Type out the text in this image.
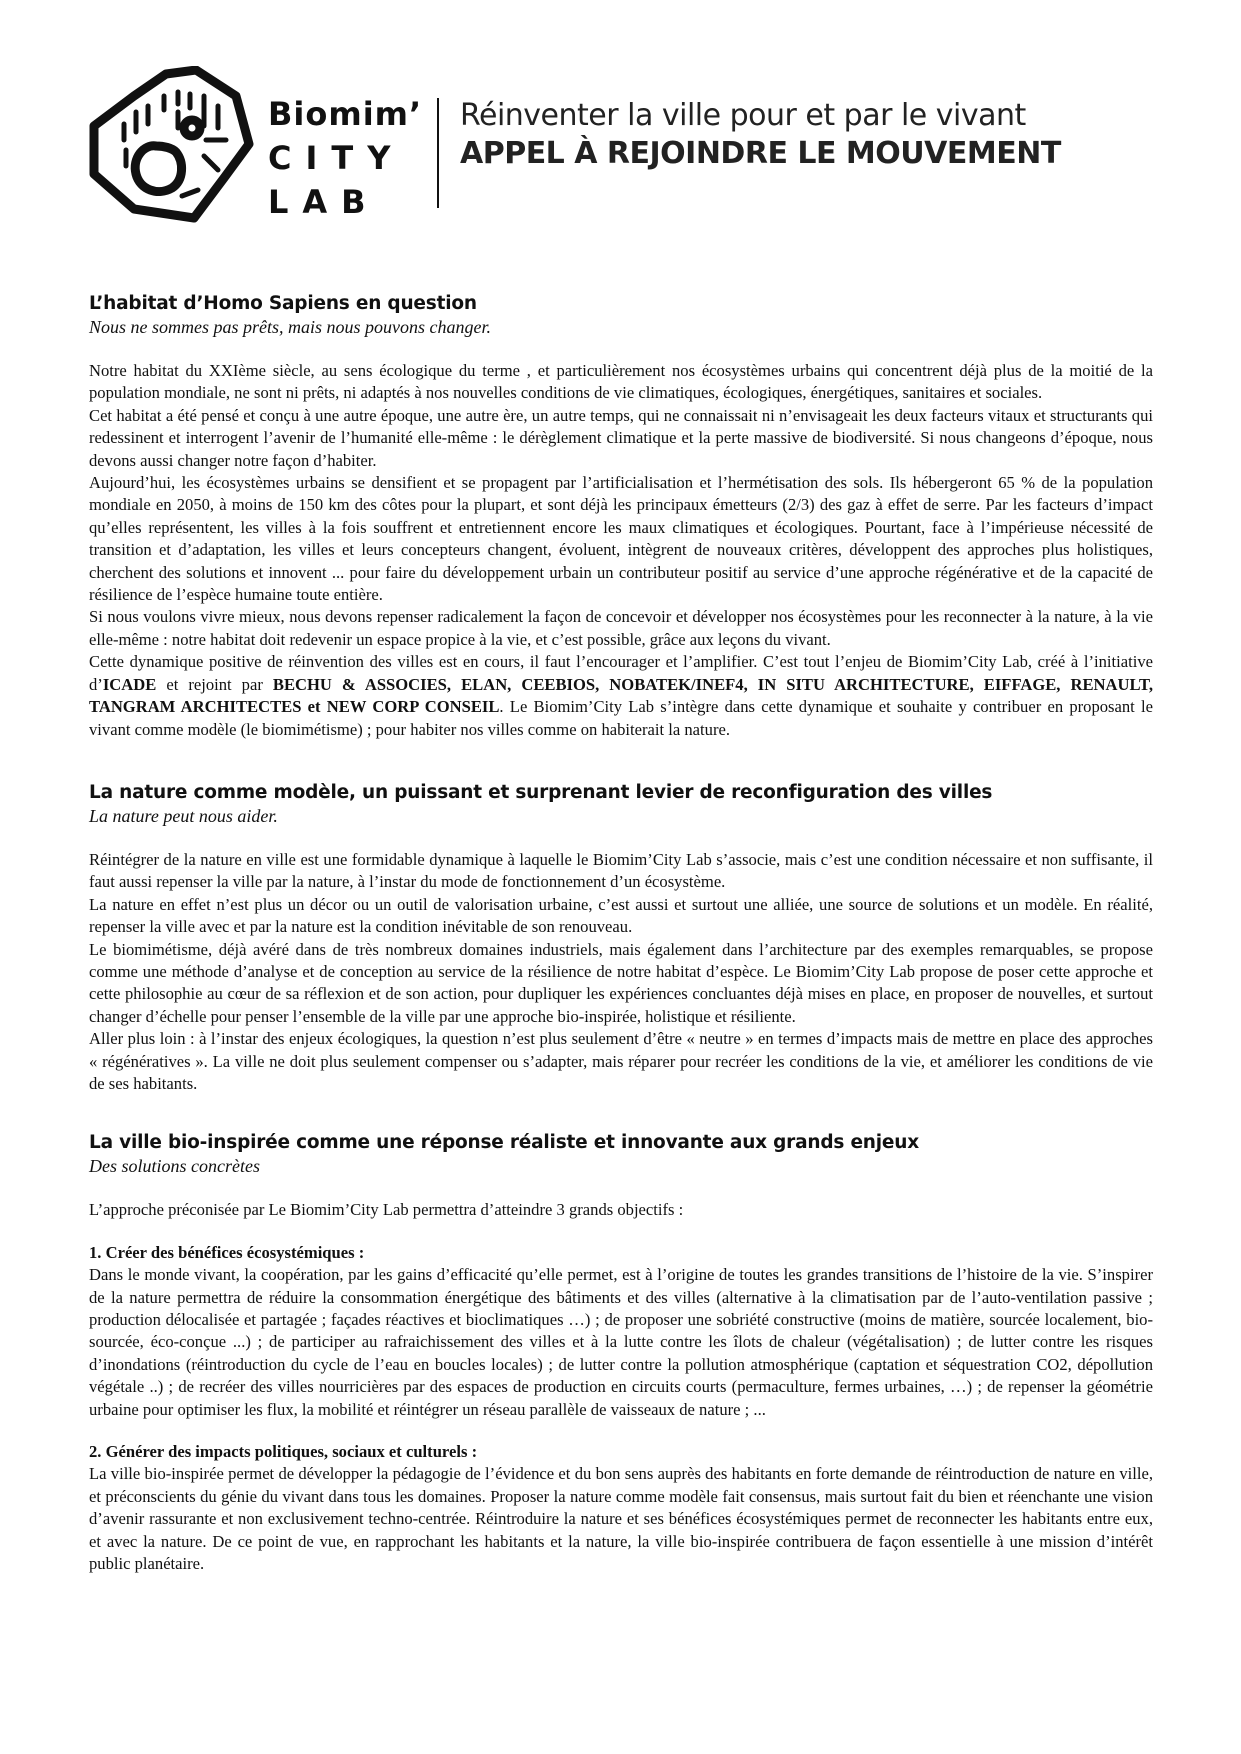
Biomim’
CITY
LAB
Réinventer la ville pour et par le vivant
APPEL À REJOINDRE LE MOUVEMENT
L’habitat d’Homo Sapiens en question

Nous ne sommes pas prêts, mais nous pouvons changer.

Notre habitat du XXIème siècle, au sens écologique du terme , et particulièrement nos écosystèmes urbains qui concentrent déjà plus de la moitié de la population mondiale, ne sont ni prêts, ni adaptés à nos nouvelles conditions de vie climatiques, écologiques, énergétiques, sanitaires et sociales.

Cet habitat a été pensé et conçu à une autre époque, une autre ère, un autre temps, qui ne connaissait ni n’envisageait les deux facteurs vitaux et structurants qui redessinent et interrogent l’avenir de l’humanité elle-même : le dérèglement climatique et la perte massive de biodiversité. Si nous changeons d’époque, nous devons aussi changer notre façon d’habiter.

Aujourd’hui, les écosystèmes urbains se densifient et se propagent par l’artificialisation et l’hermétisation des sols. Ils hébergeront 65 % de la population mondiale en 2050, à moins de 150 km des côtes pour la plupart, et sont déjà les principaux émetteurs (2/3) des gaz à effet de serre. Par les facteurs d’impact qu’elles représentent, les villes à la fois souffrent et entretiennent encore les maux climatiques et écologiques. Pourtant, face à l’impérieuse nécessité de transition et d’adaptation, les villes et leurs concepteurs changent, évoluent, intègrent de nouveaux critères, développent des approches plus holistiques, cherchent des solutions et innovent ... pour faire du développement urbain un contributeur positif au service d’une approche régénérative et de la capacité de résilience de l’espèce humaine toute entière.

Si nous voulons vivre mieux, nous devons repenser radicalement la façon de concevoir et développer nos écosystèmes pour les reconnecter à la nature, à la vie elle-même : notre habitat doit redevenir un espace propice à la vie, et c’est possible, grâce aux leçons du vivant.

Cette dynamique positive de réinvention des villes est en cours, il faut l’encourager et l’amplifier. C’est tout l’enjeu de Biomim’City Lab, créé à l’initiative d’ICADE et rejoint par BECHU & ASSOCIES, ELAN, CEEBIOS, NOBATEK/INEF4, IN SITU ARCHITECTURE, EIFFAGE, RENAULT, TANGRAM ARCHITECTES et NEW CORP CONSEIL. Le Biomim’City Lab s’intègre dans cette dynamique et souhaite y contribuer en proposant le vivant comme modèle (le biomimétisme) ; pour habiter nos villes comme on habiterait la nature.

La nature comme modèle, un puissant et surprenant levier de reconfiguration des villes

La nature peut nous aider.

Réintégrer de la nature en ville est une formidable dynamique à laquelle le Biomim’City Lab s’associe, mais c’est une condition nécessaire et non suffisante, il faut aussi repenser la ville par la nature, à l’instar du mode de fonctionnement d’un écosystème.

La nature en effet n’est plus un décor ou un outil de valorisation urbaine, c’est aussi et surtout une alliée, une source de solutions et un modèle. En réalité, repenser la ville avec et par la nature est la condition inévitable de son renouveau.

Le biomimétisme, déjà avéré dans de très nombreux domaines industriels, mais également dans l’architecture par des exemples remarquables, se propose comme une méthode d’analyse et de conception au service de la résilience de notre habitat d’espèce. Le Biomim’City Lab propose de poser cette approche et cette philosophie au cœur de sa réflexion et de son action, pour dupliquer les expériences concluantes déjà mises en place, en proposer de nouvelles, et surtout changer d’échelle pour penser l’ensemble de la ville par une approche bio-inspirée, holistique et résiliente.

Aller plus loin : à l’instar des enjeux écologiques, la question n’est plus seulement d’être « neutre » en termes d’impacts mais de mettre en place des approches « régénératives ». La ville ne doit plus seulement compenser ou s’adapter, mais réparer pour recréer les conditions de la vie, et améliorer les conditions de vie de ses habitants.

La ville bio-inspirée comme une réponse réaliste et innovante aux grands enjeux

Des solutions concrètes

L’approche préconisée par Le Biomim’City Lab permettra d’atteindre 3 grands objectifs :

1. Créer des bénéfices écosystémiques :

Dans le monde vivant, la coopération, par les gains d’efficacité qu’elle permet, est à l’origine de toutes les grandes transitions de l’histoire de la vie. S’inspirer de la nature permettra de réduire la consommation énergétique des bâtiments et des villes (alternative à la climatisation par de l’auto-ventilation passive ; production délocalisée et partagée ; façades réactives et bioclimatiques …) ; de proposer une sobriété constructive (moins de matière, sourcée localement, bio-sourcée, éco-conçue ...) ; de participer au rafraichissement des villes et à la lutte contre les îlots de chaleur (végétalisation) ; de lutter contre les risques d’inondations (réintroduction du cycle de l’eau en boucles locales) ; de lutter contre la pollution atmosphérique (captation et séquestration CO2, dépollution végétale ..) ; de recréer des villes nourricières par des espaces de production en circuits courts (permaculture, fermes urbaines, …) ; de repenser la géométrie urbaine pour optimiser les flux, la mobilité et réintégrer un réseau parallèle de vaisseaux de nature ; ...

2. Générer des impacts politiques, sociaux et culturels :

La ville bio-inspirée permet de développer la pédagogie de l’évidence et du bon sens auprès des habitants en forte demande de réintroduction de nature en ville, et préconscients du génie du vivant dans tous les domaines. Proposer la nature comme modèle fait consensus, mais surtout fait du bien et réenchante une vision d’avenir rassurante et non exclusivement techno-centrée. Réintroduire la nature et ses bénéfices écosystémiques permet de reconnecter les habitants entre eux, et avec la nature. De ce point de vue, en rapprochant les habitants et la nature, la ville bio-inspirée contribuera de façon essentielle à une mission d’intérêt public planétaire.
